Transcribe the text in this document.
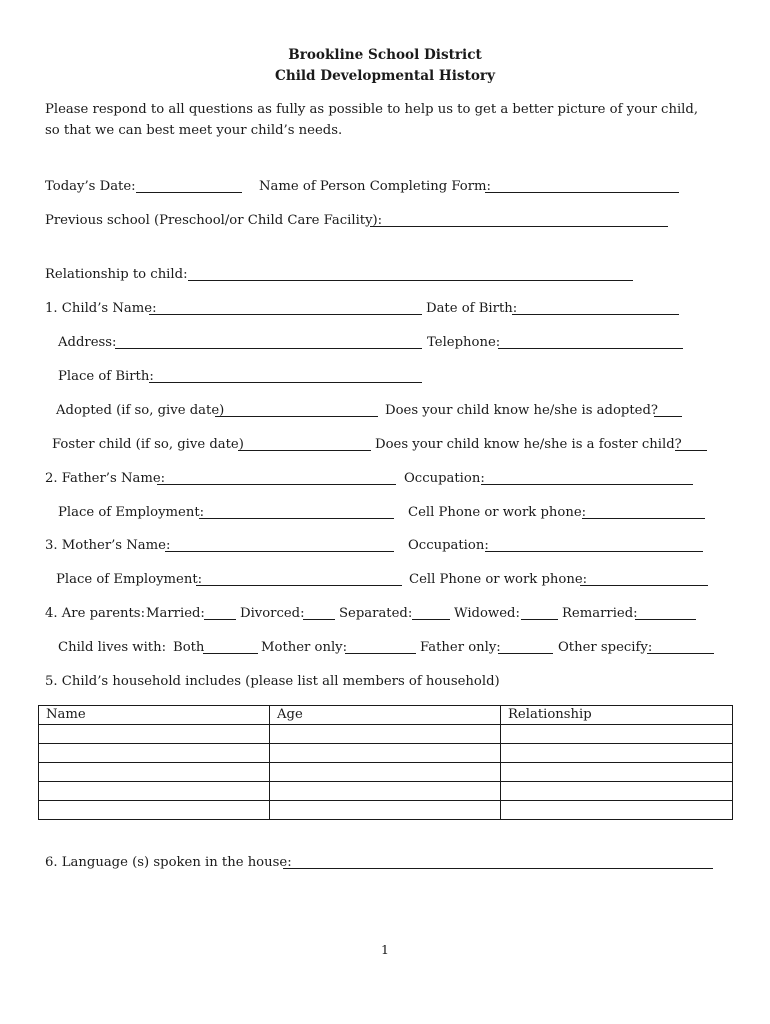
Brookline School District
Child Developmental History
Please respond to all questions as fully as possible to help us to get a better picture of your child,
so that we can best meet your child’s needs.
Today’s Date:	Name of Person Completing Form:
Previous school (Preschool/or Child Care Facility):
Relationship to child:
1. Child’s Name:	Date of Birth:
Address:	Telephone:
Place of Birth:
Adopted (if so, give date)	Does your child know he/she is adopted?
Foster child (if so, give date)	Does your child know he/she is a foster child?
2. Father’s Name:	Occupation:
Place of Employment:	Cell Phone or work phone:
3. Mother’s Name:	Occupation:
Place of Employment:	Cell Phone or work phone:
4. Are parents: Married:	Divorced:	Separated:	Widowed:	Remarried:
Child lives with: Both	Mother only:	Father only:	Other specify:
5. Child’s household includes (please list all members of household)
Name	Age	Relationship

6. Language (s) spoken in the house:
1
